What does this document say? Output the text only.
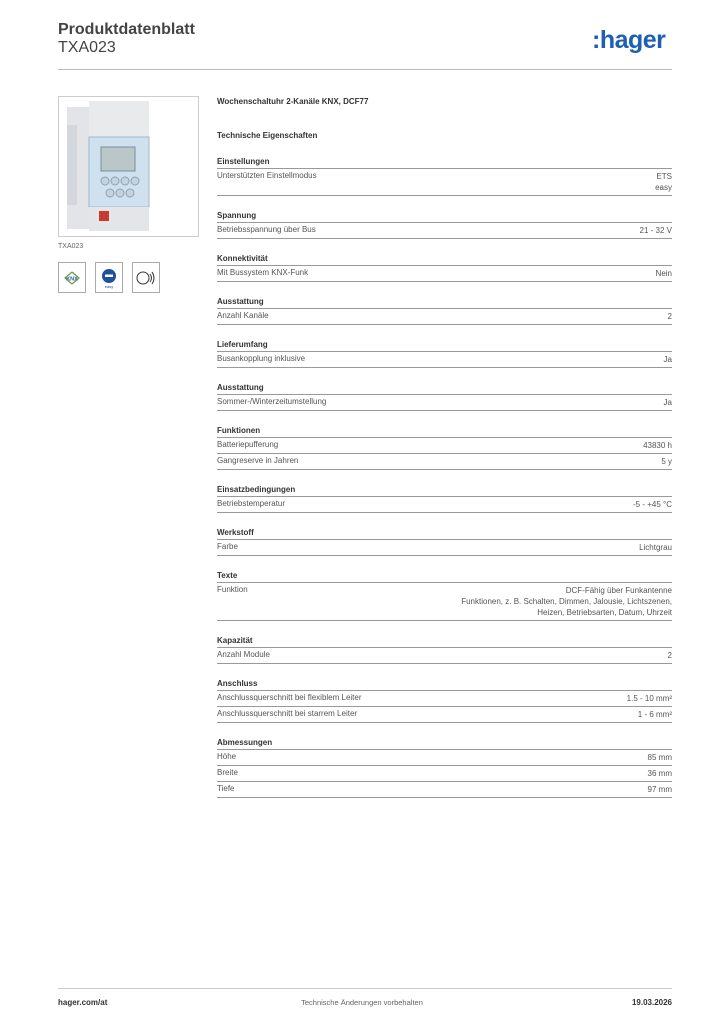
Produktdatenblatt
TXA023	:hager
TXA023
KNX
easy
Wochenschaltuhr 2-Kanäle KNX, DCF77
Technische Eigenschaften
Einstellungen
Unterstützten Einstellmodus	ETS
easy
Spannung
Betriebsspannung über Bus	21 - 32 V
Konnektivität
Mit Bussystem KNX-Funk	Nein
Ausstattung
Anzahl Kanäle	2
Lieferumfang
Busankopplung inklusive	Ja
Ausstattung
Sommer-/Winterzeitumstellung	Ja
Funktionen
Batteriepufferung	43830 h
Gangreserve in Jahren	5 y
Einsatzbedingungen
Betriebstemperatur	-5 - +45 °C
Werkstoff
Farbe	Lichtgrau
Texte
Funktion	DCF-Fähig über Funkantenne
Funktionen, z. B. Schalten, Dimmen, Jalousie, Lichtszenen,
Heizen, Betriebsarten, Datum, Uhrzeit
Kapazität
Anzahl Module	2
Anschluss
Anschlussquerschnitt bei flexiblem Leiter	1.5 - 10 mm²
Anschlussquerschnitt bei starrem Leiter	1 - 6 mm²
Abmessungen
Höhe	85 mm
Breite	36 mm
Tiefe	97 mm
hager.com/at	Technische Änderungen vorbehalten	19.03.2026
